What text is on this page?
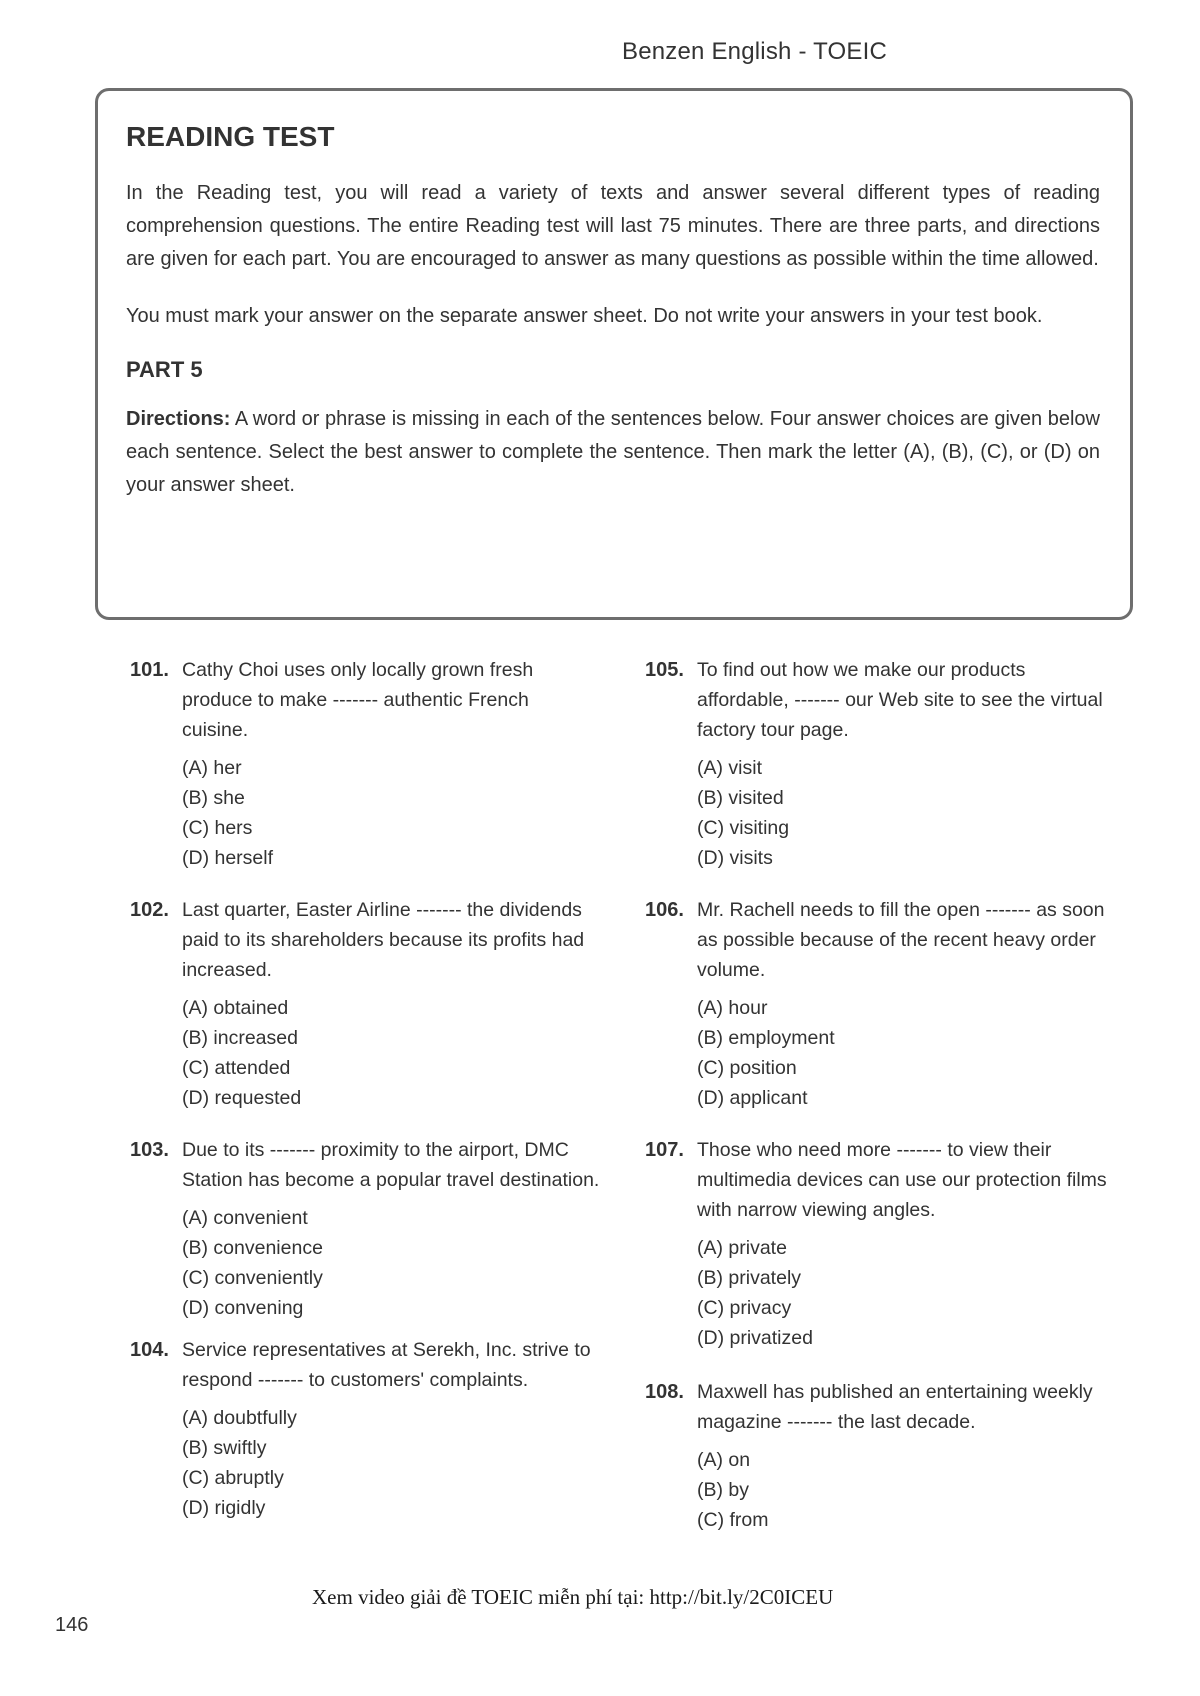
Benzen English - TOEIC
READING TEST

In the Reading test, you will read a variety of texts and answer several different types of reading comprehension questions. The entire Reading test will last 75 minutes. There are three parts, and directions are given for each part. You are encouraged to answer as many questions as possible within the time allowed.

You must mark your answer on the separate answer sheet. Do not write your answers in your test book.

PART 5

Directions: A word or phrase is missing in each of the sentences below. Four answer choices are given below each sentence. Select the best answer to complete the sentence. Then mark the letter (A), (B), (C), or (D) on your answer sheet.

101. Cathy Choi uses only locally grown fresh produce to make ------- authentic French cuisine.

(A) her
(B) she
(C) hers
(D) herself
102. Last quarter, Easter Airline ------- the dividends paid to its shareholders because its profits had increased.

(A) obtained
(B) increased
(C) attended
(D) requested
103. Due to its ------- proximity to the airport, DMC Station has become a popular travel destination.

(A) convenient
(B) convenience
(C) conveniently
(D) convening
104. Service representatives at Serekh, Inc. strive to respond ------- to customers' complaints.

(A) doubtfully
(B) swiftly
(C) abruptly
(D) rigidly
105. To find out how we make our products affordable, ------- our Web site to see the virtual factory tour page.

(A) visit
(B) visited
(C) visiting
(D) visits
106. Mr. Rachell needs to fill the open ------- as soon as possible because of the recent heavy order volume.

(A) hour
(B) employment
(C) position
(D) applicant
107. Those who need more ------- to view their multimedia devices can use our protection films with narrow viewing angles.

(A) private
(B) privately
(C) privacy
(D) privatized
108. Maxwell has published an entertaining weekly magazine ------- the last decade.

(A) on
(B) by
(C) from
Xem video giải đề TOEIC miễn phí tại: http://bit.ly/2C0ICEU
146
